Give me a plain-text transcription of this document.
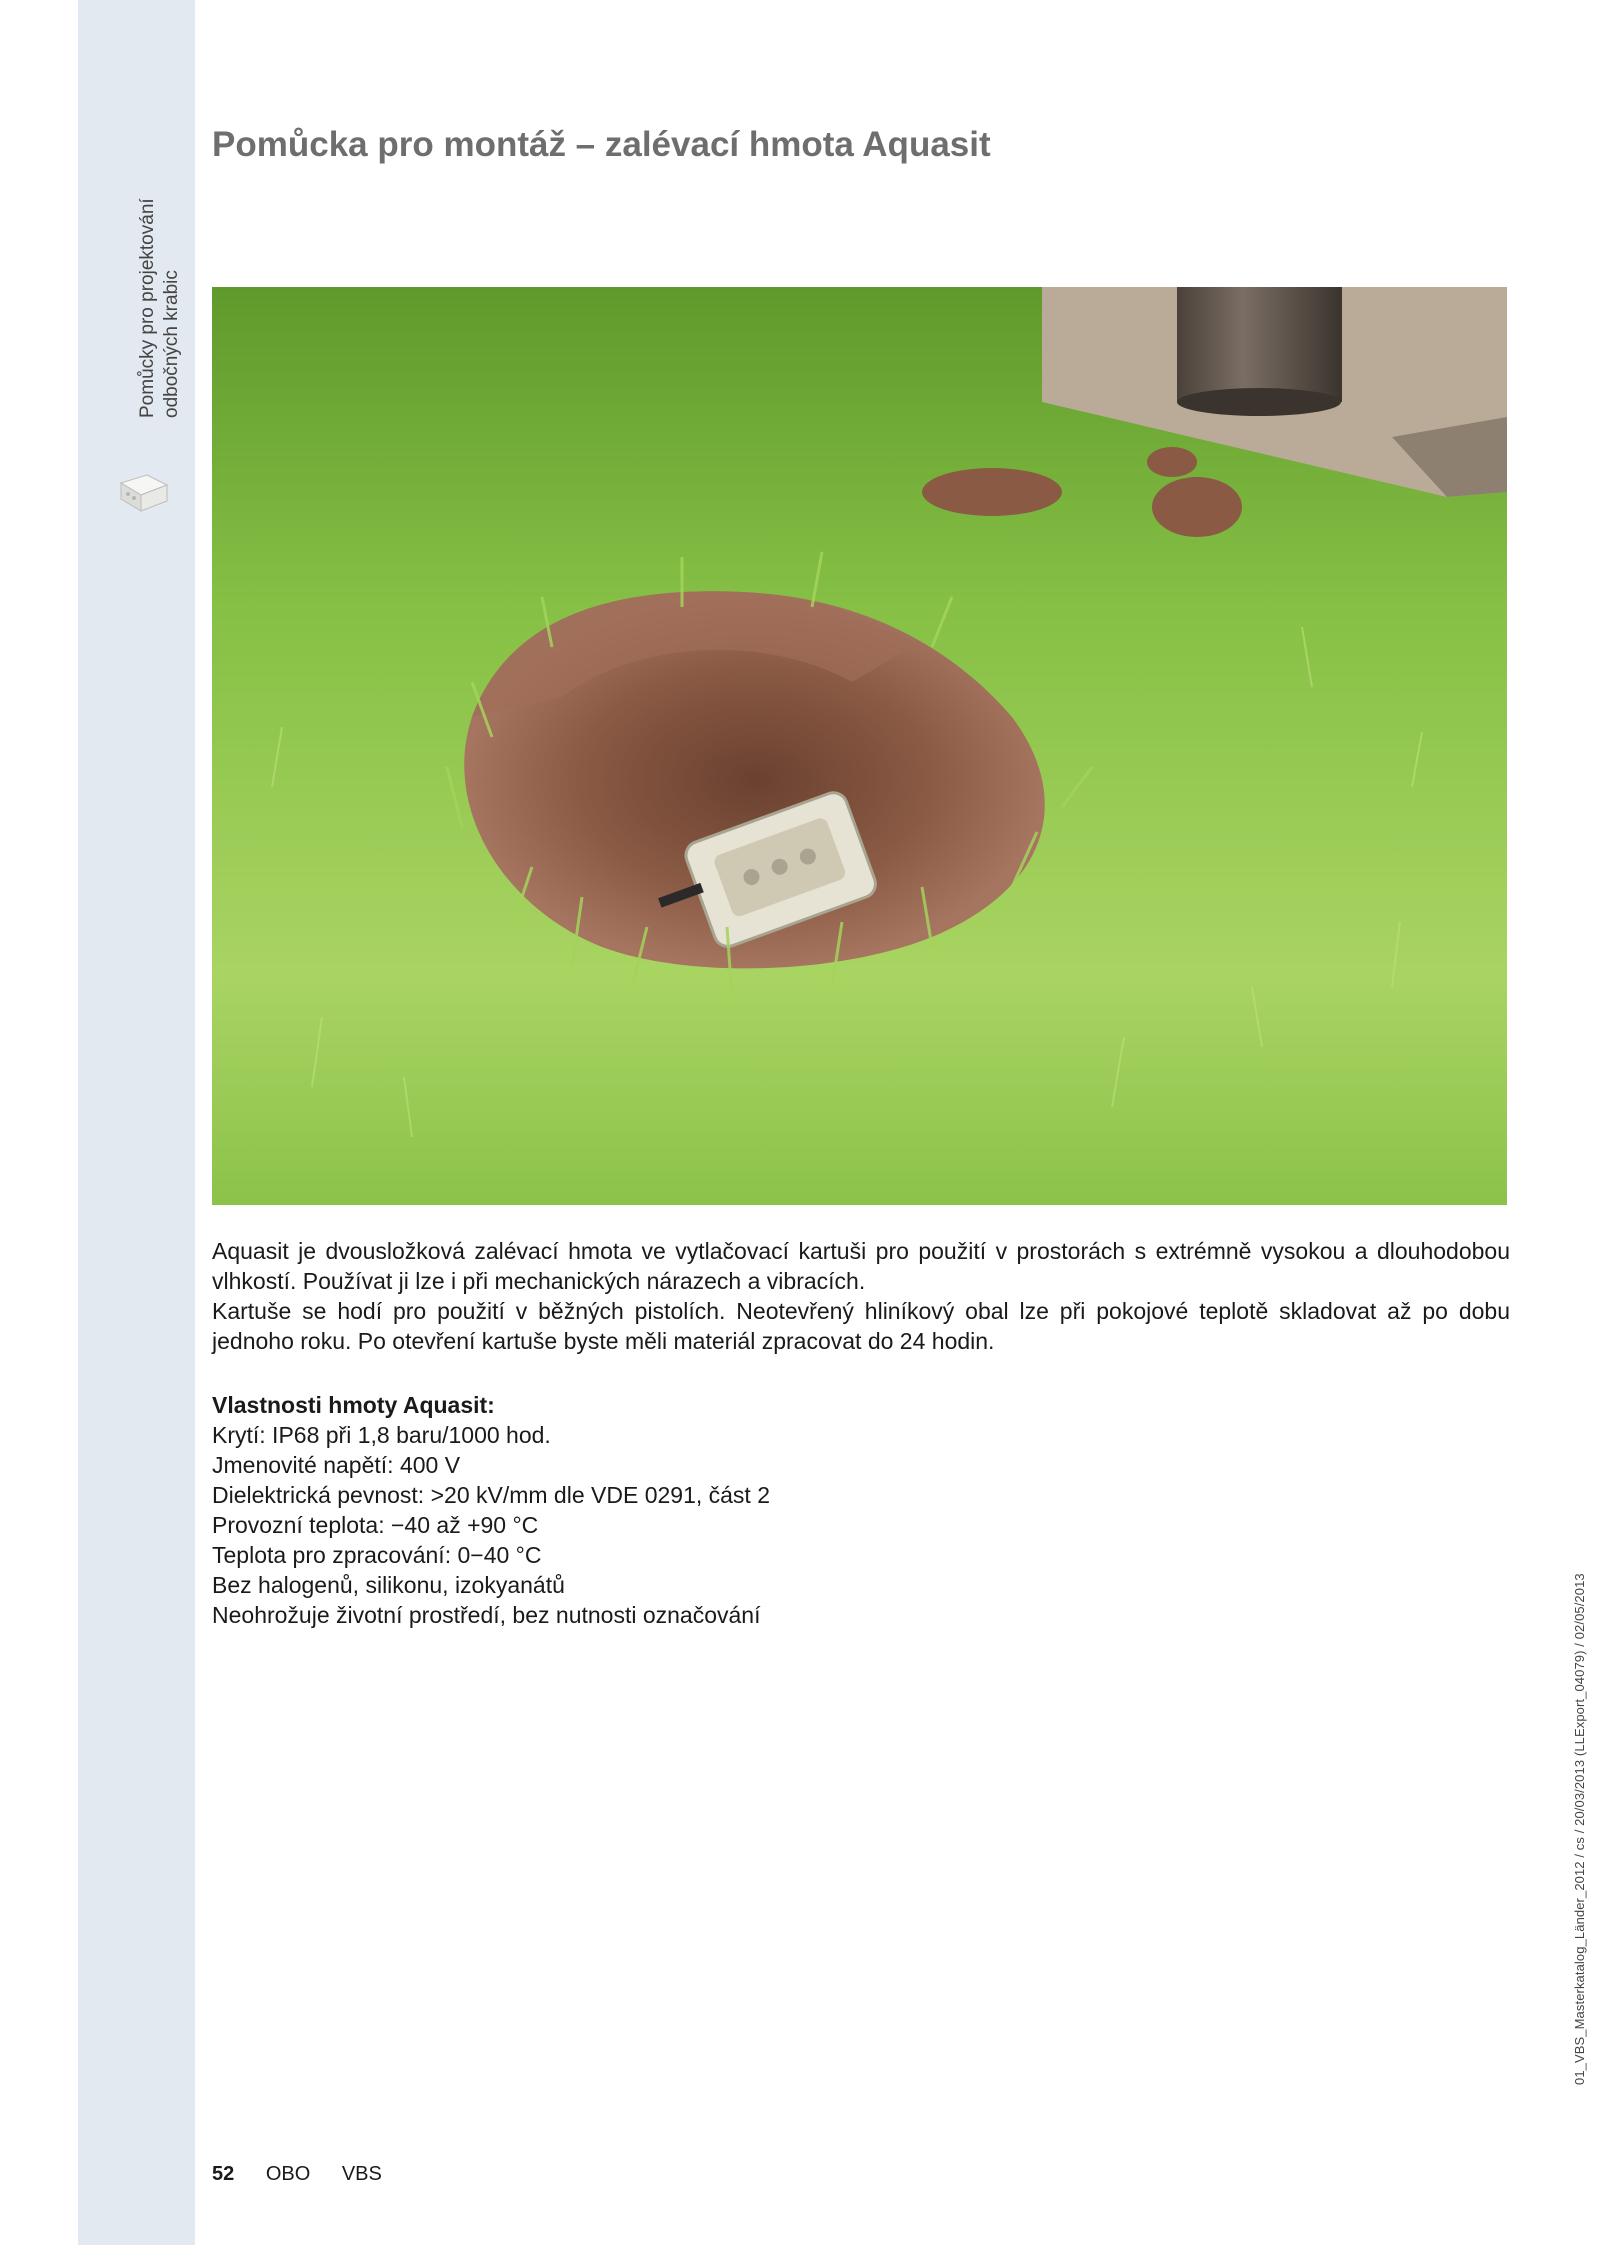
Pomůcky pro projektování odbočných krabic
Pomůcka pro montáž – zalévací hmota Aquasit

Aquasit je dvousložková zalévací hmota ve vytlačovací kartuši pro použití v prostorách s extrémně vysokou a dlouhodobou vlhkostí. Používat ji lze i při mechanických nárazech a vibracích.

Kartuše se hodí pro použití v běžných pistolích. Neotevřený hliníkový obal lze při pokojové teplotě skladovat až po dobu jednoho roku. Po otevření kartuše byste měli materiál zpracovat do 24 hodin.

Vlastnosti hmoty Aquasit:

Krytí: IP68 při 1,8 baru/1000 hod.
Jmenovité napětí: 400 V
Dielektrická pevnost: >20 kV/mm dle VDE 0291, část 2
Provozní teplota: −40 až +90 °C
Teplota pro zpracování: 0−40 °C
Bez halogenů, silikonu, izokyanátů
Neohrožuje životní prostředí, bez nutnosti označování	01_VBS_Masterkatalog_Länder_2012 / cs / 20/03/2013 (LLExport_04079) / 02/05/2013
52 OBO VBS
